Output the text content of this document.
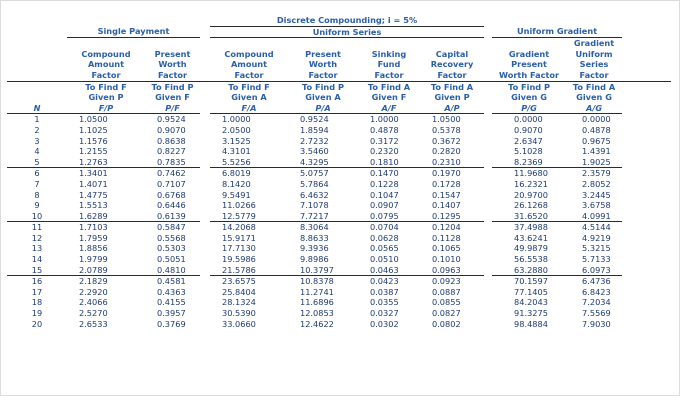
				Discrete Compounding; i = 5%							
	Single Payment			Uniform Series					Uniform Gradient		
										Gradient	
	Compound	Present		Compound	Present	Sinking	Capital		Gradient	Uniform	
	Amount	Worth		Amount	Worth	Fund	Recovery		Present	Series	
	Factor	Factor		Factor	Factor	Factor	Factor		Worth Factor	Factor	
	To Find F	To Find P		To Find F	To Find P	To Find A	To Find A		To Find P	To Find A	
	Given P	Given F		Given A	Given A	Given F	Given P		Given G	Given G	
N	F/P	P/F		F/A	P/A	A/F	A/P		P/G	A/G	
1	1.0500	0.9524		1.0000	0.9524	1.0000	1.0500		0.0000	0.0000	
2	1.1025	0.9070		2.0500	1.8594	0.4878	0.5378		0.9070	0.4878	
3	1.1576	0.8638		3.1525	2.7232	0.3172	0.3672		2.6347	0.9675	
4	1.2155	0.8227		4.3101	3.5460	0.2320	0.2820		5.1028	1.4391	
5	1.2763	0.7835		5.5256	4.3295	0.1810	0.2310		8.2369	1.9025	
6	1.3401	0.7462		6.8019	5.0757	0.1470	0.1970		11.9680	2.3579	
7	1.4071	0.7107		8.1420	5.7864	0.1228	0.1728		16.2321	2.8052	
8	1.4775	0.6768		9.5491	6.4632	0.1047	0.1547		20.9700	3.2445	
9	1.5513	0.6446		11.0266	7.1078	0.0907	0.1407		26.1268	3.6758	
10	1.6289	0.6139		12.5779	7.7217	0.0795	0.1295		31.6520	4.0991	
11	1.7103	0.5847		14.2068	8.3064	0.0704	0.1204		37.4988	4.5144	
12	1.7959	0.5568		15.9171	8.8633	0.0628	0.1128		43.6241	4.9219	
13	1.8856	0.5303		17.7130	9.3936	0.0565	0.1065		49.9879	5.3215	
14	1.9799	0.5051		19.5986	9.8986	0.0510	0.1010		56.5538	5.7133	
15	2.0789	0.4810		21.5786	10.3797	0.0463	0.0963		63.2880	6.0973	
16	2.1829	0.4581		23.6575	10.8378	0.0423	0.0923		70.1597	6.4736	
17	2.2920	0.4363		25.8404	11.2741	0.0387	0.0887		77.1405	6.8423	
18	2.4066	0.4155		28.1324	11.6896	0.0355	0.0855		84.2043	7.2034	
19	2.5270	0.3957		30.5390	12.0853	0.0327	0.0827		91.3275	7.5569	
20	2.6533	0.3769		33.0660	12.4622	0.0302	0.0802		98.4884	7.9030	
